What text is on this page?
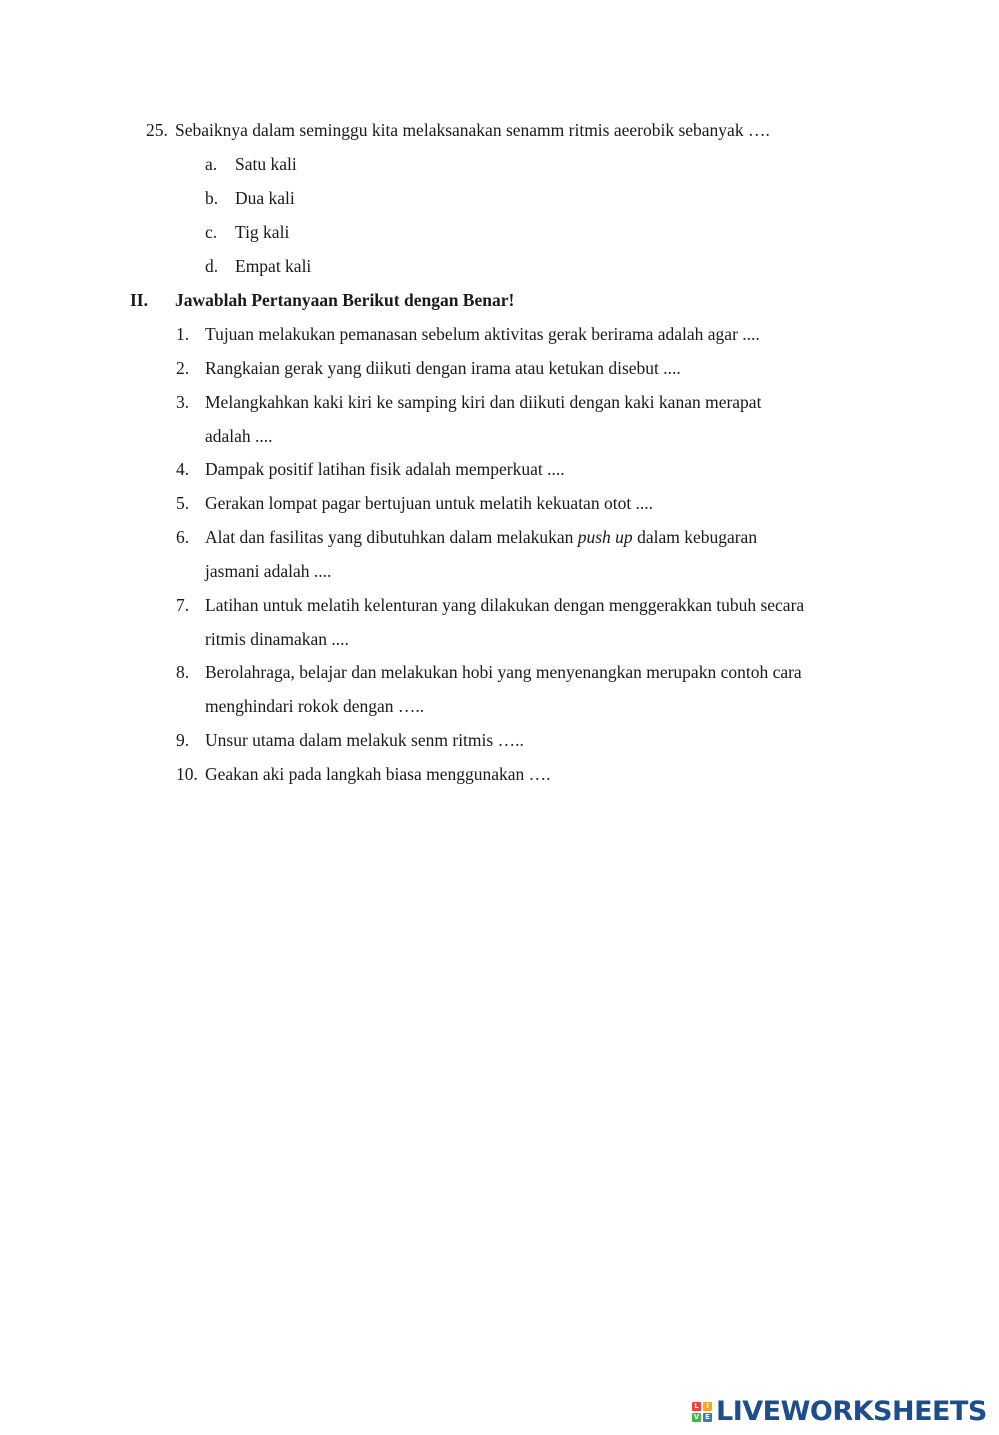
25. Sebaiknya dalam seminggu kita melaksanakan senamm ritmis aeerobik sebanyak ….
a. Satu kali
b. Dua kali
c. Tig kali
d. Empat kali
II. Jawablah Pertanyaan Berikut dengan Benar!
1. Tujuan melakukan pemanasan sebelum aktivitas gerak berirama adalah agar ....
2. Rangkaian gerak yang diikuti dengan irama atau ketukan disebut ....
3. Melangkahkan kaki kiri ke samping kiri dan diikuti dengan kaki kanan merapat
adalah ....
4. Dampak positif latihan fisik adalah memperkuat ....
5. Gerakan lompat pagar bertujuan untuk melatih kekuatan otot ....
6. Alat dan fasilitas yang dibutuhkan dalam melakukan push up dalam kebugaran
jasmani adalah ....
7. Latihan untuk melatih kelenturan yang dilakukan dengan menggerakkan tubuh secara
ritmis dinamakan ....
8. Berolahraga, belajar dan melakukan hobi yang menyenangkan merupakn contoh cara
menghindari rokok dengan …..
9. Unsur utama dalam melakuk senm ritmis …..
10. Geakan aki pada langkah biasa menggunakan ….
L	I
V E LIVEWORKSHEETS
